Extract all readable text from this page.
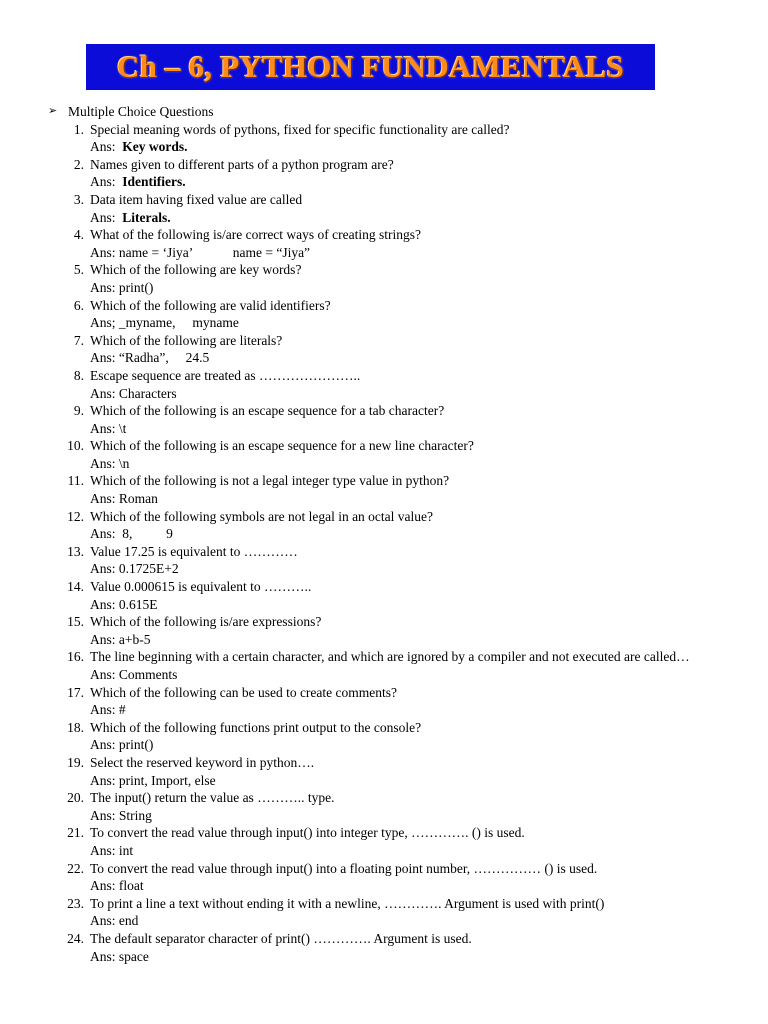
Ch – 6, PYTHON FUNDAMENTALS
➢ Multiple Choice Questions
1. Special meaning words of pythons, fixed for specific functionality are called?
Ans:  Key words.
2. Names given to different parts of a python program are?
Ans:  Identifiers.
3. Data item having fixed value are called
Ans:  Literals.
4. What of the following is/are correct ways of creating strings?
Ans: name = ‘Jiya’            name = “Jiya”
5. Which of the following are key words?
Ans: print()
6. Which of the following are valid identifiers?
Ans; _myname,     myname
7. Which of the following are literals?
Ans: “Radha”,     24.5
8. Escape sequence are treated as …………………..
Ans: Characters
9. Which of the following is an escape sequence for a tab character?
Ans: \t
10. Which of the following is an escape sequence for a new line character?
Ans: \n
11. Which of the following is not a legal integer type value in python?
Ans: Roman
12. Which of the following symbols are not legal in an octal value?
Ans:  8,          9
13. Value 17.25 is equivalent to …………
Ans: 0.1725E+2
14. Value 0.000615 is equivalent to ………..
Ans: 0.615E
15. Which of the following is/are expressions?
Ans: a+b-5
16. The line beginning with a certain character, and which are ignored by a compiler and not executed are called…
Ans: Comments
17. Which of the following can be used to create comments?
Ans: #
18. Which of the following functions print output to the console?
Ans: print()
19. Select the reserved keyword in python….
Ans: print, Import, else
20. The input() return the value as ……….. type.
Ans: String
21. To convert the read value through input() into integer type, …………. () is used.
Ans: int
22. To convert the read value through input() into a floating point number, …………… () is used.
Ans: float
23. To print a line a text without ending it with a newline, …………. Argument is used with print()
Ans: end
24. The default separator character of print() …………. Argument is used.
Ans: space
